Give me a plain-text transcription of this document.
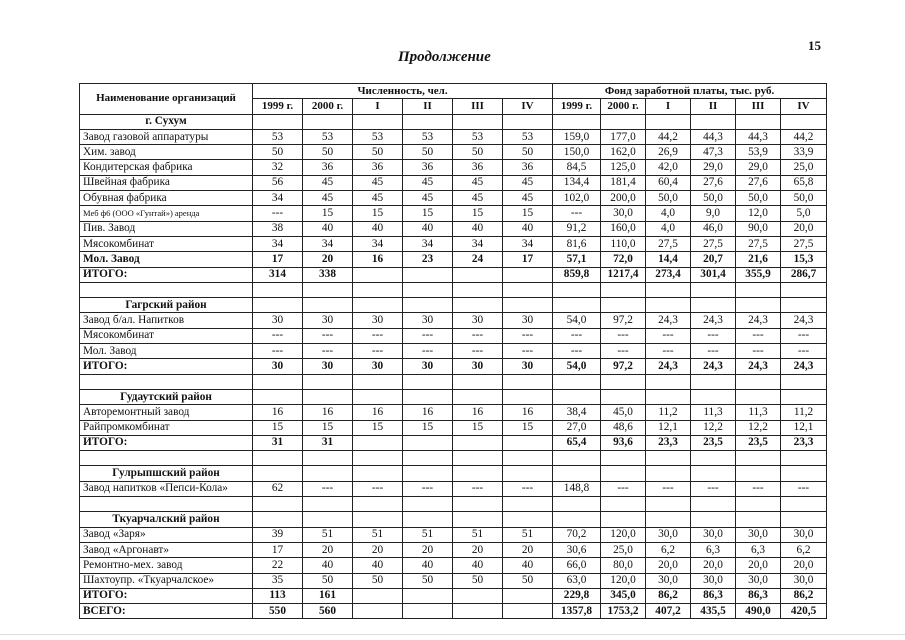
15
Продолжение
Наименование организаций	Численность, чел.						Фонд заработной платы, тыс. руб.					
	1999 г.	2000 г.	I	II	III	IV	1999 г.	2000 г.	I	II	III	IV
г. Сухум												
Завод газовой аппаратуры	53	53	53	53	53	53	159,0	177,0	44,2	44,3	44,3	44,2
Хим. завод	50	50	50	50	50	50	150,0	162,0	26,9	47,3	53,9	33,9
Кондитерская фабрика	32	36	36	36	36	36	84,5	125,0	42,0	29,0	29,0	25,0
Швейная фабрика	56	45	45	45	45	45	134,4	181,4	60,4	27,6	27,6	65,8
Обувная фабрика	34	45	45	45	45	45	102,0	200,0	50,0	50,0	50,0	50,0
Меб ф6 (ООО «Гунтай») аренда	---	15	15	15	15	15	---	30,0	4,0	9,0	12,0	5,0
Пив. Завод	38	40	40	40	40	40	91,2	160,0	4,0	46,0	90,0	20,0
Мясокомбинат	34	34	34	34	34	34	81,6	110,0	27,5	27,5	27,5	27,5
Мол. Завод	17	20	16	23	24	17	57,1	72,0	14,4	20,7	21,6	15,3
ИТОГО:	314	338					859,8	1217,4	273,4	301,4	355,9	286,7

Гагрский район												
Завод б/ал. Напитков	30	30	30	30	30	30	54,0	97,2	24,3	24,3	24,3	24,3
Мясокомбинат	---	---	---	---	---	---	---	---	---	---	---	---
Мол. Завод	---	---	---	---	---	---	---	---	---	---	---	---
ИТОГО:	30	30	30	30	30	30	54,0	97,2	24,3	24,3	24,3	24,3

Гудаутский район												
Авторемонтный завод	16	16	16	16	16	16	38,4	45,0	11,2	11,3	11,3	11,2
Райпромкомбинат	15	15	15	15	15	15	27,0	48,6	12,1	12,2	12,2	12,1
ИТОГО:	31	31					65,4	93,6	23,3	23,5	23,5	23,3

Гулрыпшский район												
Завод напитков «Пепси-Кола»	62	---	---	---	---	---	148,8	---	---	---	---	---

Ткуарчалский район												
Завод «Заря»	39	51	51	51	51	51	70,2	120,0	30,0	30,0	30,0	30,0
Завод «Аргонавт»	17	20	20	20	20	20	30,6	25,0	6,2	6,3	6,3	6,2
Ремонтно-мех. завод	22	40	40	40	40	40	66,0	80,0	20,0	20,0	20,0	20,0
Шахтоупр. «Ткуарчалское»	35	50	50	50	50	50	63,0	120,0	30,0	30,0	30,0	30,0
ИТОГО:	113	161					229,8	345,0	86,2	86,3	86,3	86,2
ВСЕГО:	550	560					1357,8	1753,2	407,2	435,5	490,0	420,5
